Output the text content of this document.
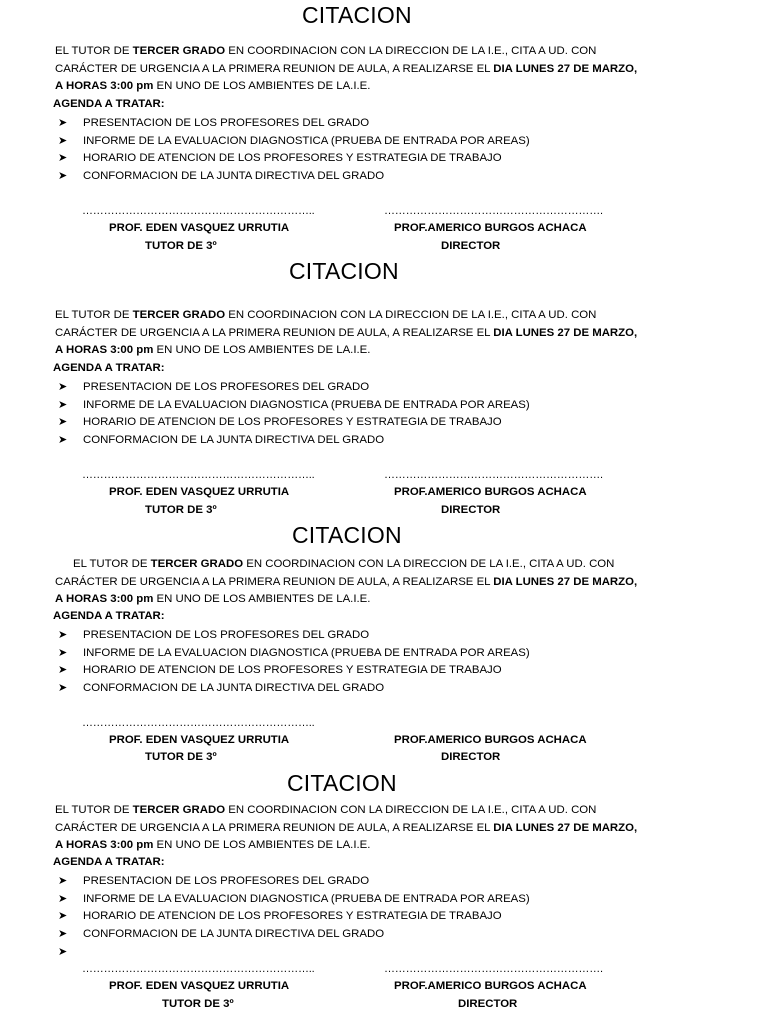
CITACION

EL TUTOR DE TERCER GRADO EN COORDINACION CON LA DIRECCION DE LA I.E., CITA A UD. CON
CARÁCTER DE URGENCIA A LA PRIMERA REUNION DE AULA, A REALIZARSE EL DIA LUNES 27 DE MARZO,
A HORAS 3:00 pm EN UNO DE LOS AMBIENTES DE LA.I.E.

AGENDA A TRATAR:
➤ PRESENTACION DE LOS PROFESORES DEL GRADO
➤ INFORME DE LA EVALUACION DIAGNOSTICA (PRUEBA DE ENTRADA POR AREAS)
➤ HORARIO DE ATENCION DE LOS PROFESORES Y ESTRATEGIA DE TRABAJO
➤ CONFORMACION DE LA JUNTA DIRECTIVA DEL GRADO
………………………………………………………..	…………………………………………………….
PROF. EDEN VASQUEZ URRUTIA
TUTOR DE 3º
PROF.AMERICO BURGOS ACHACA
DIRECTOR
CITACION

EL TUTOR DE TERCER GRADO EN COORDINACION CON LA DIRECCION DE LA I.E., CITA A UD. CON
CARÁCTER DE URGENCIA A LA PRIMERA REUNION DE AULA, A REALIZARSE EL DIA LUNES 27 DE MARZO,
A HORAS 3:00 pm EN UNO DE LOS AMBIENTES DE LA.I.E.

AGENDA A TRATAR:
➤ PRESENTACION DE LOS PROFESORES DEL GRADO
➤ INFORME DE LA EVALUACION DIAGNOSTICA (PRUEBA DE ENTRADA POR AREAS)
➤ HORARIO DE ATENCION DE LOS PROFESORES Y ESTRATEGIA DE TRABAJO
➤ CONFORMACION DE LA JUNTA DIRECTIVA DEL GRADO
………………………………………………………..	…………………………………………………….
PROF. EDEN VASQUEZ URRUTIA
TUTOR DE 3º
PROF.AMERICO BURGOS ACHACA
DIRECTOR
CITACION

EL TUTOR DE TERCER GRADO EN COORDINACION CON LA DIRECCION DE LA I.E., CITA A UD. CON
CARÁCTER DE URGENCIA A LA PRIMERA REUNION DE AULA, A REALIZARSE EL DIA LUNES 27 DE MARZO,
A HORAS 3:00 pm EN UNO DE LOS AMBIENTES DE LA.I.E.

AGENDA A TRATAR:
➤ PRESENTACION DE LOS PROFESORES DEL GRADO
➤ INFORME DE LA EVALUACION DIAGNOSTICA (PRUEBA DE ENTRADA POR AREAS)
➤ HORARIO DE ATENCION DE LOS PROFESORES Y ESTRATEGIA DE TRABAJO
➤ CONFORMACION DE LA JUNTA DIRECTIVA DEL GRADO
………………………………………………………..
PROF. EDEN VASQUEZ URRUTIA
TUTOR DE 3º
PROF.AMERICO BURGOS ACHACA
DIRECTOR
CITACION

EL TUTOR DE TERCER GRADO EN COORDINACION CON LA DIRECCION DE LA I.E., CITA A UD. CON
CARÁCTER DE URGENCIA A LA PRIMERA REUNION DE AULA, A REALIZARSE EL DIA LUNES 27 DE MARZO,
A HORAS 3:00 pm EN UNO DE LOS AMBIENTES DE LA.I.E.

AGENDA A TRATAR:
➤ PRESENTACION DE LOS PROFESORES DEL GRADO
➤ INFORME DE LA EVALUACION DIAGNOSTICA (PRUEBA DE ENTRADA POR AREAS)
➤ HORARIO DE ATENCION DE LOS PROFESORES Y ESTRATEGIA DE TRABAJO
➤ CONFORMACION DE LA JUNTA DIRECTIVA DEL GRADO
➤
………………………………………………………..	…………………………………………………….
PROF. EDEN VASQUEZ URRUTIA
TUTOR DE 3º
PROF.AMERICO BURGOS ACHACA
DIRECTOR
